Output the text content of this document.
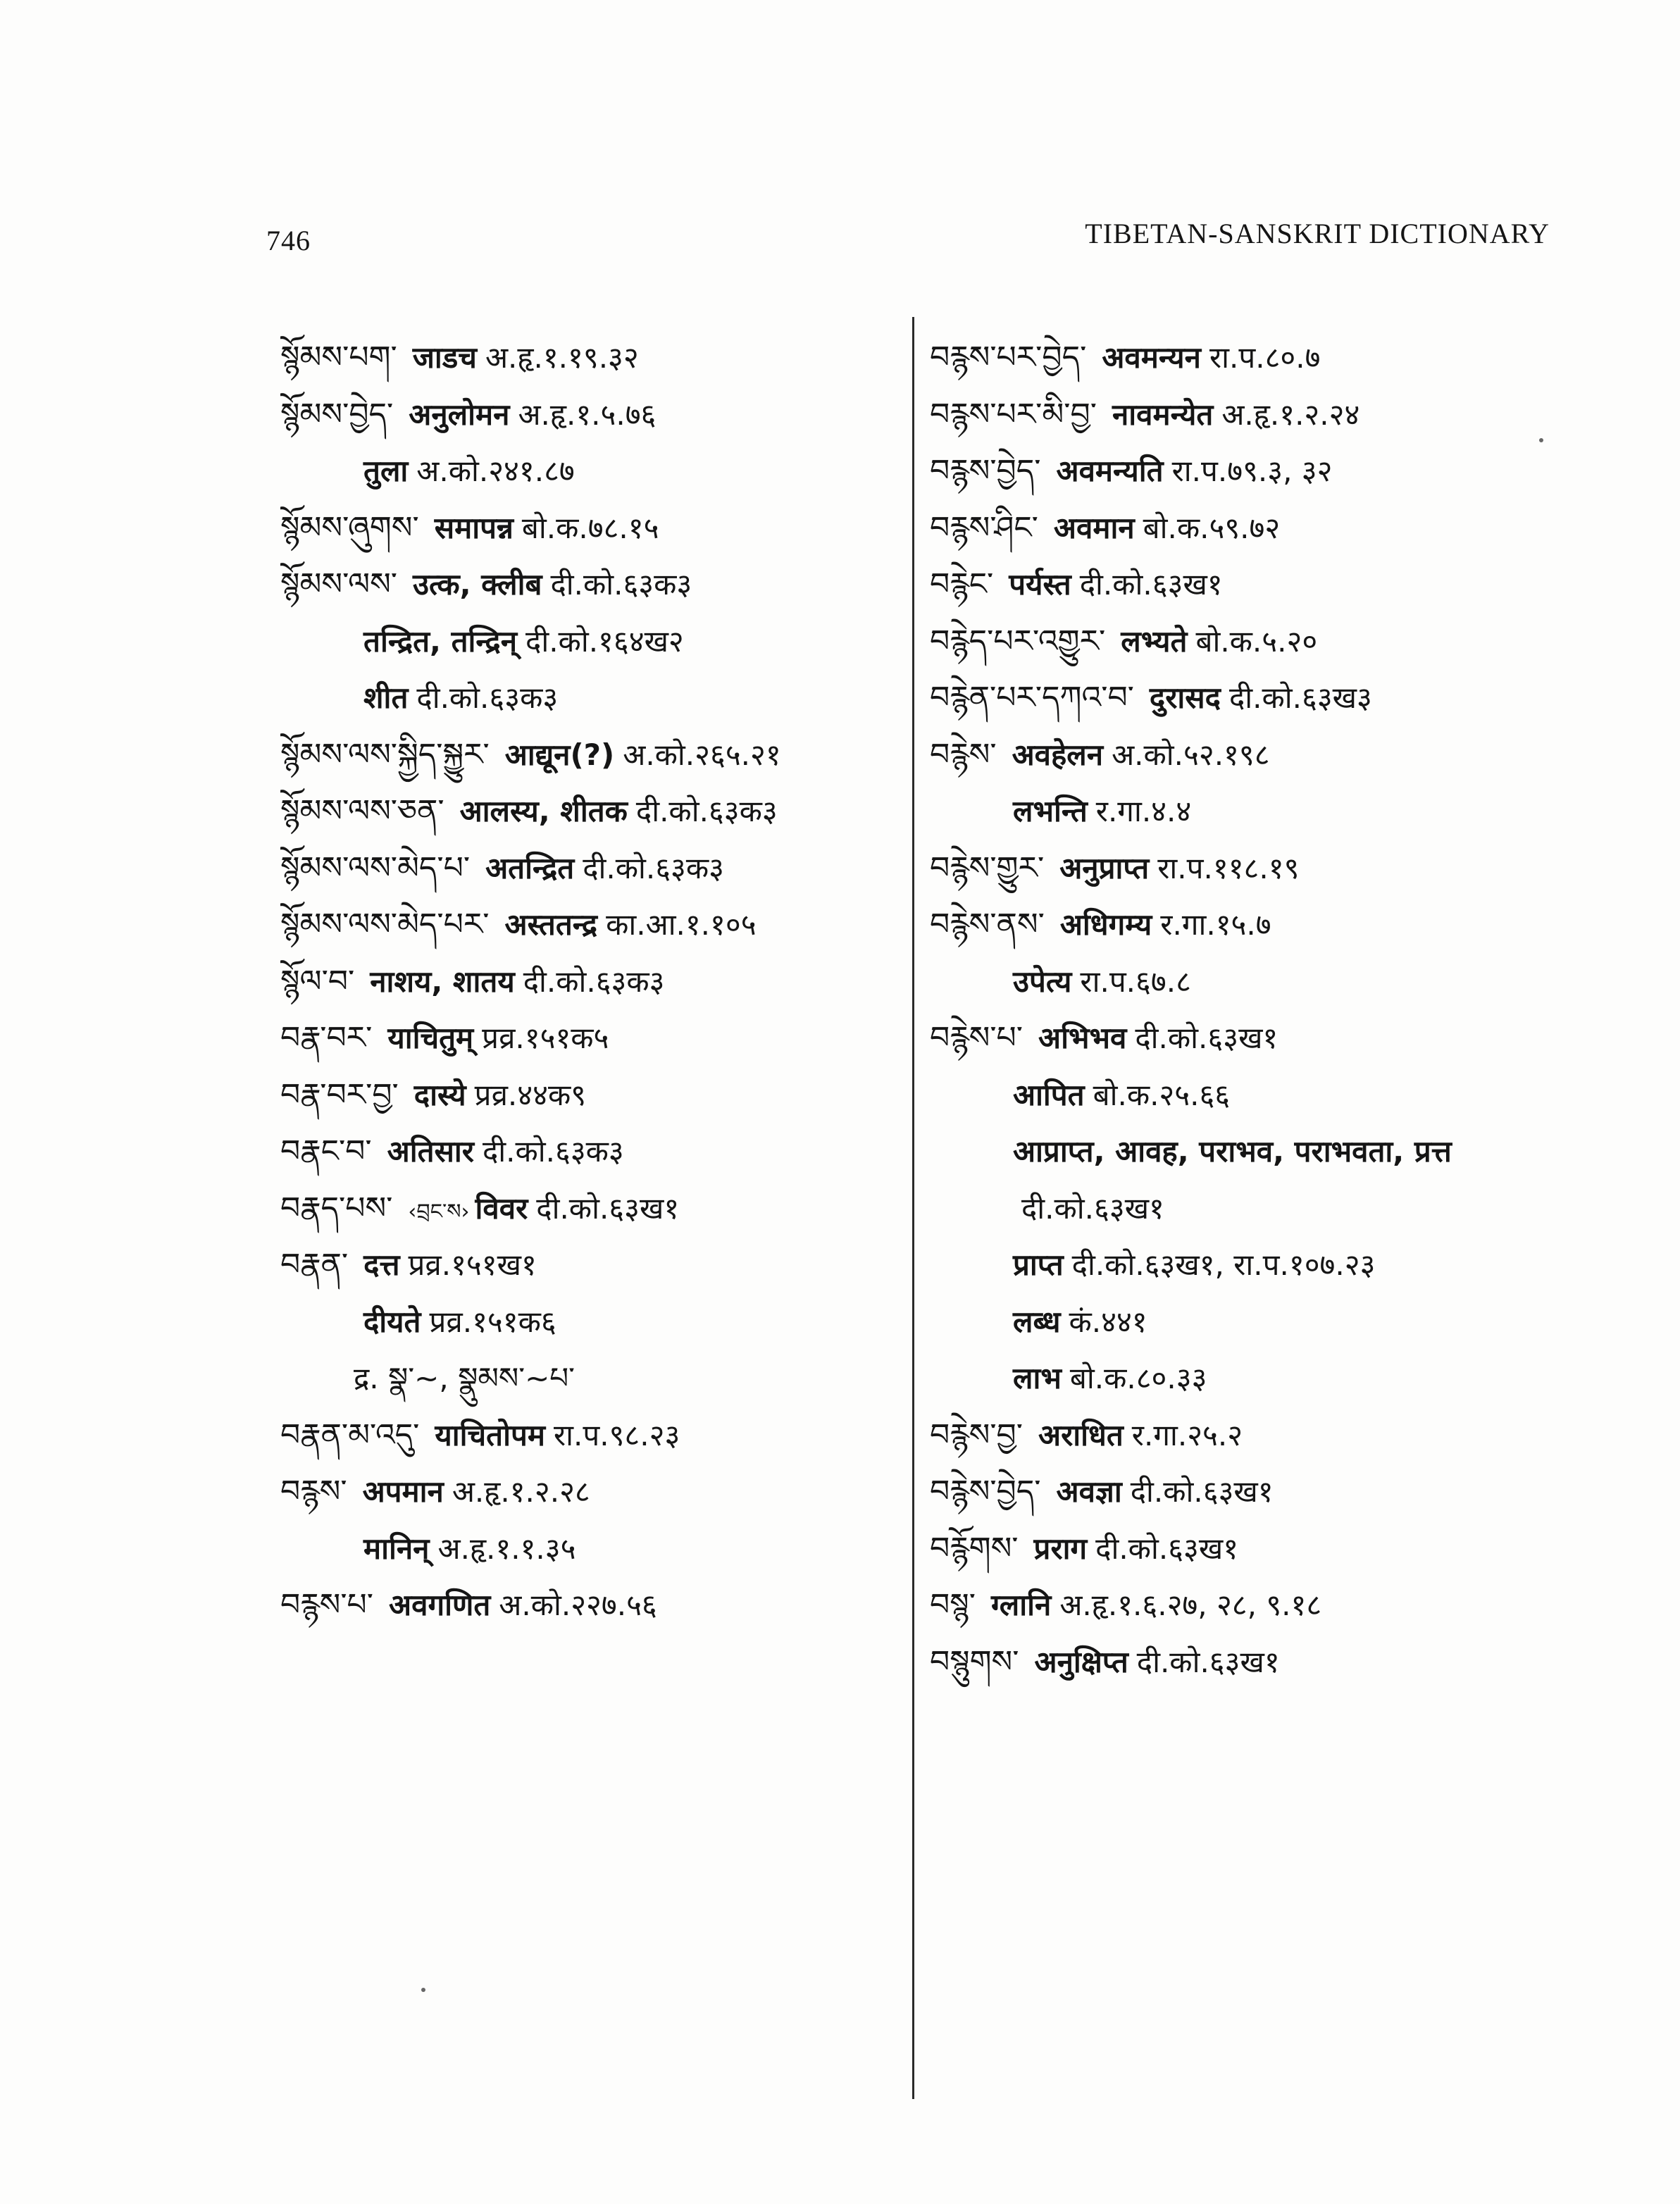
746	TIBETAN-SANSKRIT DICTIONARY
སྙོམས་པག་ जाडच अ.हृ.१.१९.३२
སྙོམས་བྱེད་ अनुलोमन अ.हृ.१.५.७६
तुला अ.को.२४१.८७
སྙོམས་ཞུགས་ समापन्न बो.क.७८.१५
སྙོམས་ལས་ उत्क, क्लीब दी.को.६३क३
तन्द्रित, तन्द्रिन् दी.को.१६४ख२
शीत दी.को.६३क३
སྙོམས་ལས་སྐྱིད་སྐྱུར་ आद्यून(?) अ.को.२६५.२१
སྙོམས་ལས་ཅན་ आलस्य, शीतक दी.को.६३क३
སྙོམས་ལས་མེད་པ་ अतन्द्रित दी.को.६३क३
སྙོམས་ལས་མེད་པར་ अस्ततन्द्र का.आ.१.१०५
སྙོལ་བ་ नाशय, शातय दी.को.६३क३
བརྣ་བར་ याचितुम् प्रव्र.१५१क५
བརྣ་བར་བྱ་ दास्ये प्रव्र.४४क९
བརྣང་བ་ अतिसार दी.को.६३क३
བརྣད་པས་ ‹བྲང་ས› विवर दी.को.६३ख१
བརྣན་ दत्त प्रव्र.१५१ख१
दीयते प्रव्र.१५१क६
द्र. སྣ་~, སྣུམས་~པ་
བརྣན་མ་འདུ་ याचितोपम रा.प.९८.२३
བརྙས་ अपमान अ.हृ.१.२.२८
मानिन् अ.हृ.१.१.३५
བརྙས་པ་ अवगणित अ.को.२२७.५६
བརྙས་པར་བྱེད་ अवमन्यन रा.प.८०.७
བརྙས་པར་མི་བྱ་ नावमन्येत अ.हृ.१.२.२४
བརྙས་བྱེད་ अवमन्यति रा.प.७९.३, ३२
བརྙས་ཤིང་ अवमान बो.क.५९.७२
བརྙེང་ पर्यस्त दी.को.६३ख१
བརྙེད་པར་འགྱུར་ लभ्यते बो.क.५.२०
བརྙེན་པར་དཀའ་བ་ दुरासद दी.को.६३ख३
བརྙེས་ अवहेलन अ.को.५२.१९८
लभन्ति र.गा.४.४
བརྙེས་གྱུར་ अनुप्राप्त रा.प.११८.१९
བརྙེས་ནས་ अधिगम्य र.गा.१५.७
उपेत्य रा.प.६७.८
བརྙེས་པ་ अभिभव दी.को.६३ख१
आपित बो.क.२५.६६
आप्राप्त, आवह, पराभव, पराभवता, प्रत्त
दी.को.६३ख१
प्राप्त दी.को.६३ख१, रा.प.१०७.२३
लब्ध कं.४४१
लाभ बो.क.८०.३३
བརྙེས་བྱ་ अराधित र.गा.२५.२
བརྙེས་བྱེད་ अवज्ञा दी.को.६३ख१
བརྙོགས་ प्रराग दी.को.६३ख१
བསྙ་ ग्लानि अ.हृ.१.६.२७, २८, ९.१८
བསྙུགས་ अनुक्षिप्त दी.को.६३ख१
